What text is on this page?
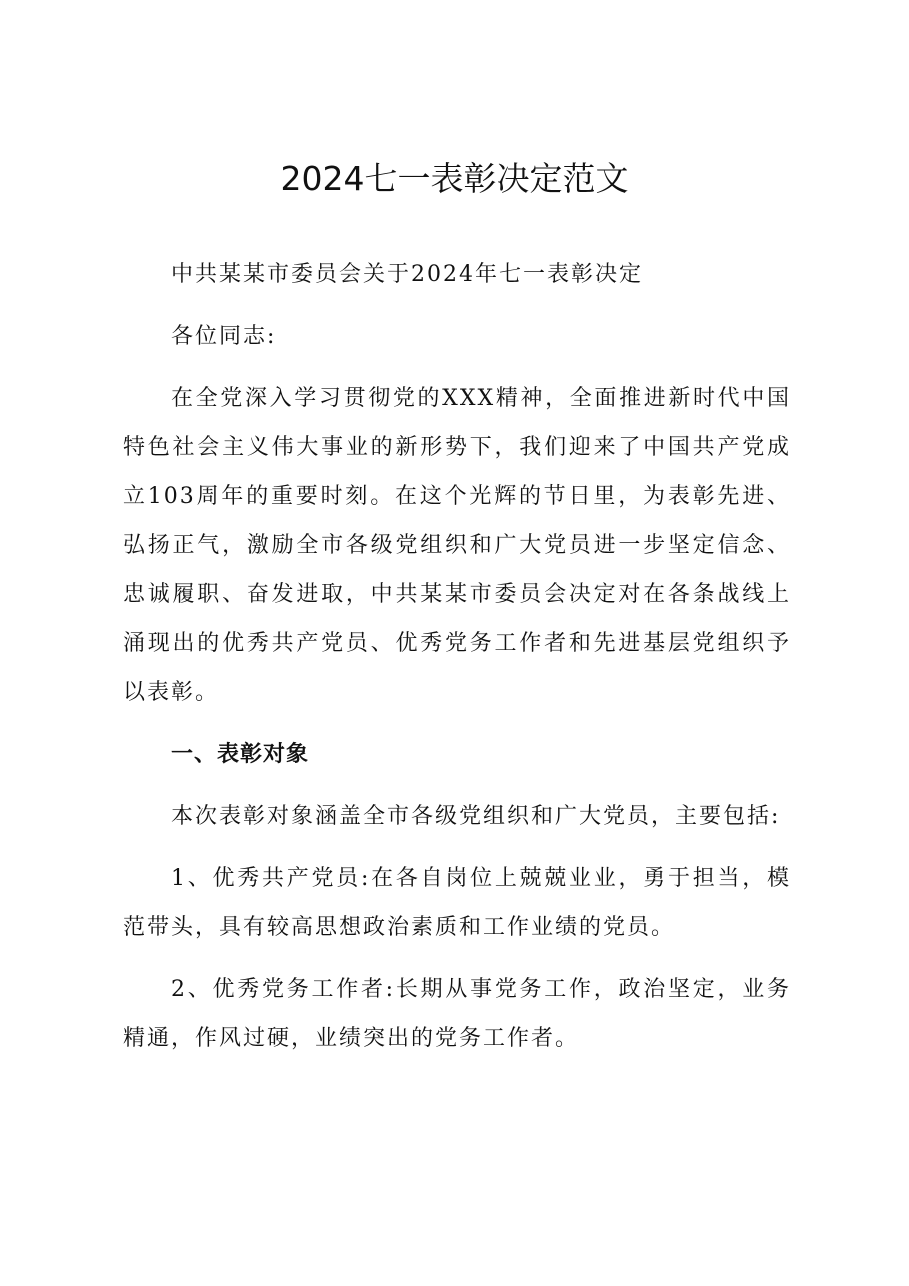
2024七一表彰决定范文

中共某某市委员会关于2024年七一表彰决定

各位同志:

在全党深入学习贯彻党的XXX精神，全面推进新时代中国特色社会主义伟大事业的新形势下，我们迎来了中国共产党成立103周年的重要时刻。在这个光辉的节日里，为表彰先进、弘扬正气，激励全市各级党组织和广大党员进一步坚定信念、忠诚履职、奋发进取，中共某某市委员会决定对在各条战线上涌现出的优秀共产党员、优秀党务工作者和先进基层党组织予以表彰。

一、表彰对象

本次表彰对象涵盖全市各级党组织和广大党员，主要包括:

1、优秀共产党员:在各自岗位上兢兢业业，勇于担当，模范带头，具有较高思想政治素质和工作业绩的党员。

2、优秀党务工作者:长期从事党务工作，政治坚定，业务精通，作风过硬，业绩突出的党务工作者。
